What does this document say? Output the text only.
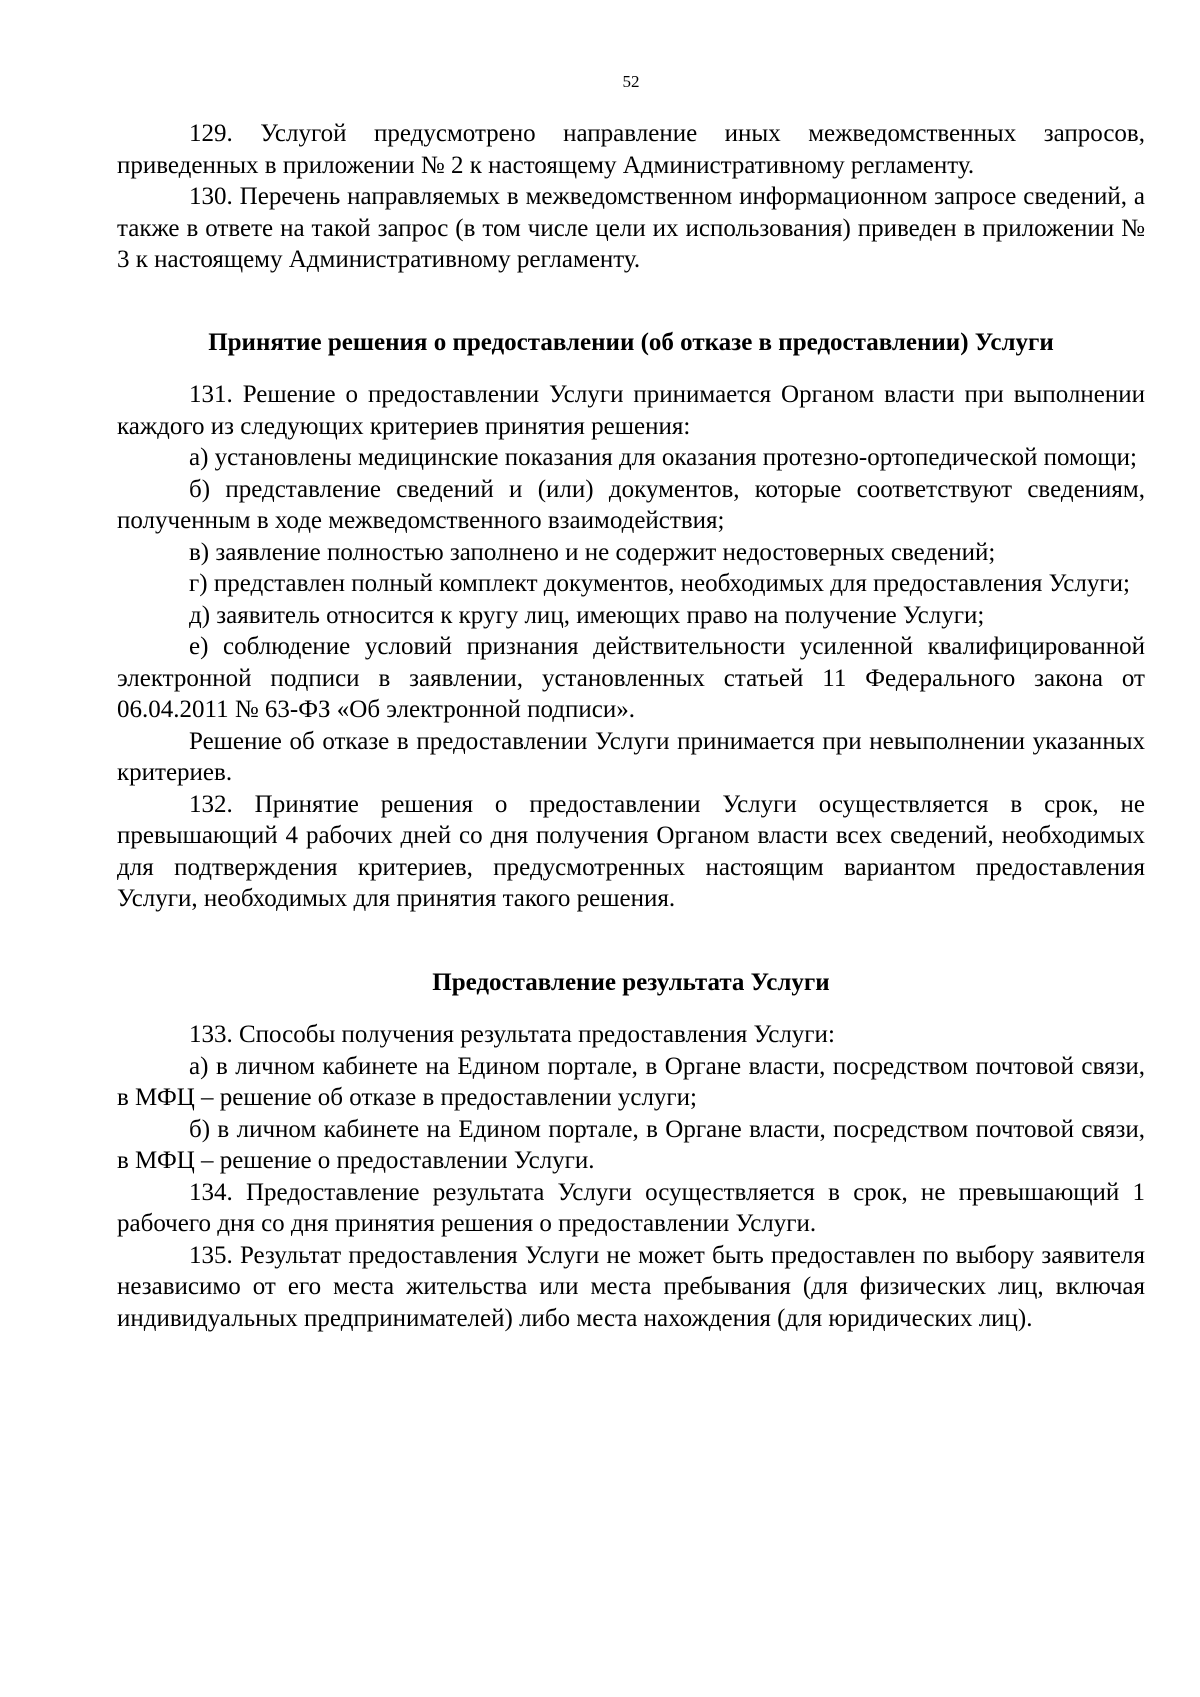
52

129. Услугой предусмотрено направление иных межведомственных запросов, приведенных в приложении № 2 к настоящему Административному регламенту.

130. Перечень направляемых в межведомственном информационном запросе сведений, а также в ответе на такой запрос (в том числе цели их использования) приведен в приложении № 3 к настоящему Административному регламенту.

Принятие решения о предоставлении (об отказе в предоставлении) Услуги

131. Решение о предоставлении Услуги принимается Органом власти при выполнении каждого из следующих критериев принятия решения:

а) установлены медицинские показания для оказания протезно-ортопедической помощи;

б) представление сведений и (или) документов, которые соответствуют сведениям, полученным в ходе межведомственного взаимодействия;

в) заявление полностью заполнено и не содержит недостоверных сведений;

г) представлен полный комплект документов, необходимых для предоставления Услуги;

д) заявитель относится к кругу лиц, имеющих право на получение Услуги;

е) соблюдение условий признания действительности усиленной квалифицированной электронной подписи в заявлении, установленных статьей 11 Федерального закона от 06.04.2011 № 63-ФЗ «Об электронной подписи».

Решение об отказе в предоставлении Услуги принимается при невыполнении указанных критериев.

132. Принятие решения о предоставлении Услуги осуществляется в срок, не превышающий 4 рабочих дней со дня получения Органом власти всех сведений, необходимых для подтверждения критериев, предусмотренных настоящим вариантом предоставления Услуги, необходимых для принятия такого решения.

Предоставление результата Услуги

133. Способы получения результата предоставления Услуги:

а) в личном кабинете на Едином портале, в Органе власти, посредством почтовой связи, в МФЦ – решение об отказе в предоставлении услуги;

б) в личном кабинете на Едином портале, в Органе власти, посредством почтовой связи, в МФЦ – решение о предоставлении Услуги.

134. Предоставление результата Услуги осуществляется в срок, не превышающий 1 рабочего дня со дня принятия решения о предоставлении Услуги.

135. Результат предоставления Услуги не может быть предоставлен по выбору заявителя независимо от его места жительства или места пребывания (для физических лиц, включая индивидуальных предпринимателей) либо места нахождения (для юридических лиц).
